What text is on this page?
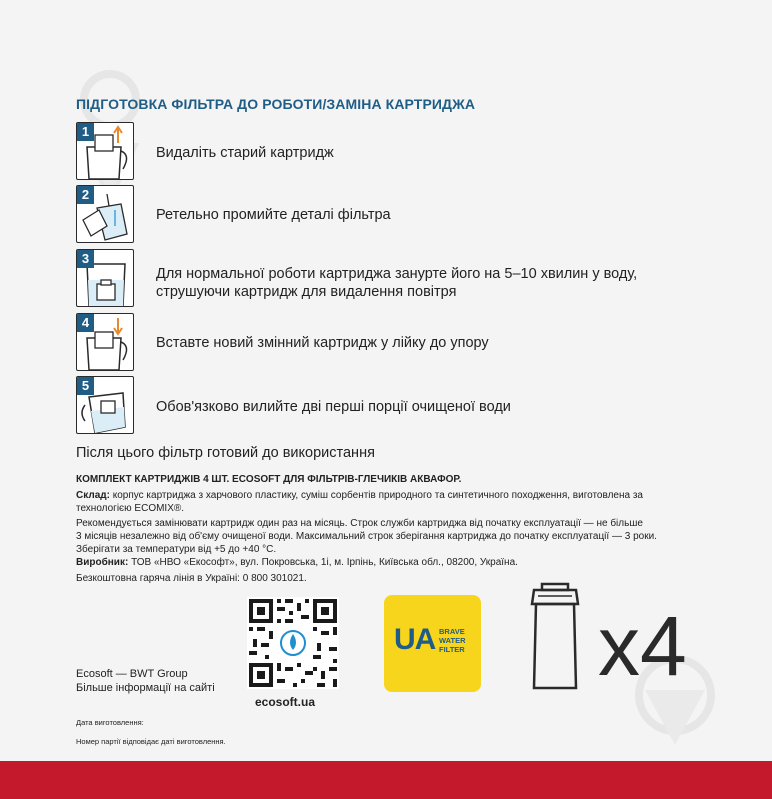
ПІДГОТОВКА ФІЛЬТРА ДО РОБОТИ/ЗАМІНА КАРТРИДЖА
1
Видаліть старий картридж
2
Ретельно промийте деталі фільтра
3
Для нормальної роботи картриджа занурте його на 5–10 хвилин у воду,
струшуючи картридж для видалення повітря
4
Вставте новий змінний картридж у лійку до упору
5
Обов'язково вилийте дві перші порції очищеної води
Після цього фільтр готовий до використання
КОМПЛЕКТ КАРТРИДЖІВ 4 ШТ. ECOSOFT ДЛЯ ФІЛЬТРІВ-ГЛЕЧИКІВ АКВАФОР.
Склад: корпус картриджа з харчового пластику, суміш сорбентів природного та синтетичного походження, виготовлена за
технологією ECOMIX®.
Рекомендується замінювати картридж один раз на місяць. Строк служби картриджа від початку експлуатації — не більше
3 місяців незалежно від об'єму очищеної води. Максимальний строк зберігання картриджа до початку експлуатації — 3 роки.
Зберігати за температури від +5 до +40 °С.
Виробник: ТОВ «НВО «Екософт», вул. Покровська, 1і, м. Ірпінь, Київська обл., 08200, Україна.
Безкоштовна гаряча лінія в Україні: 0 800 301021.
Ecosoft — BWT Group
Більше інформації на сайті
ecosoft.ua
UA BRAVE
WATER
FILTER x4
Дата виготовлення:
Номер партії відповідає даті виготовлення.
